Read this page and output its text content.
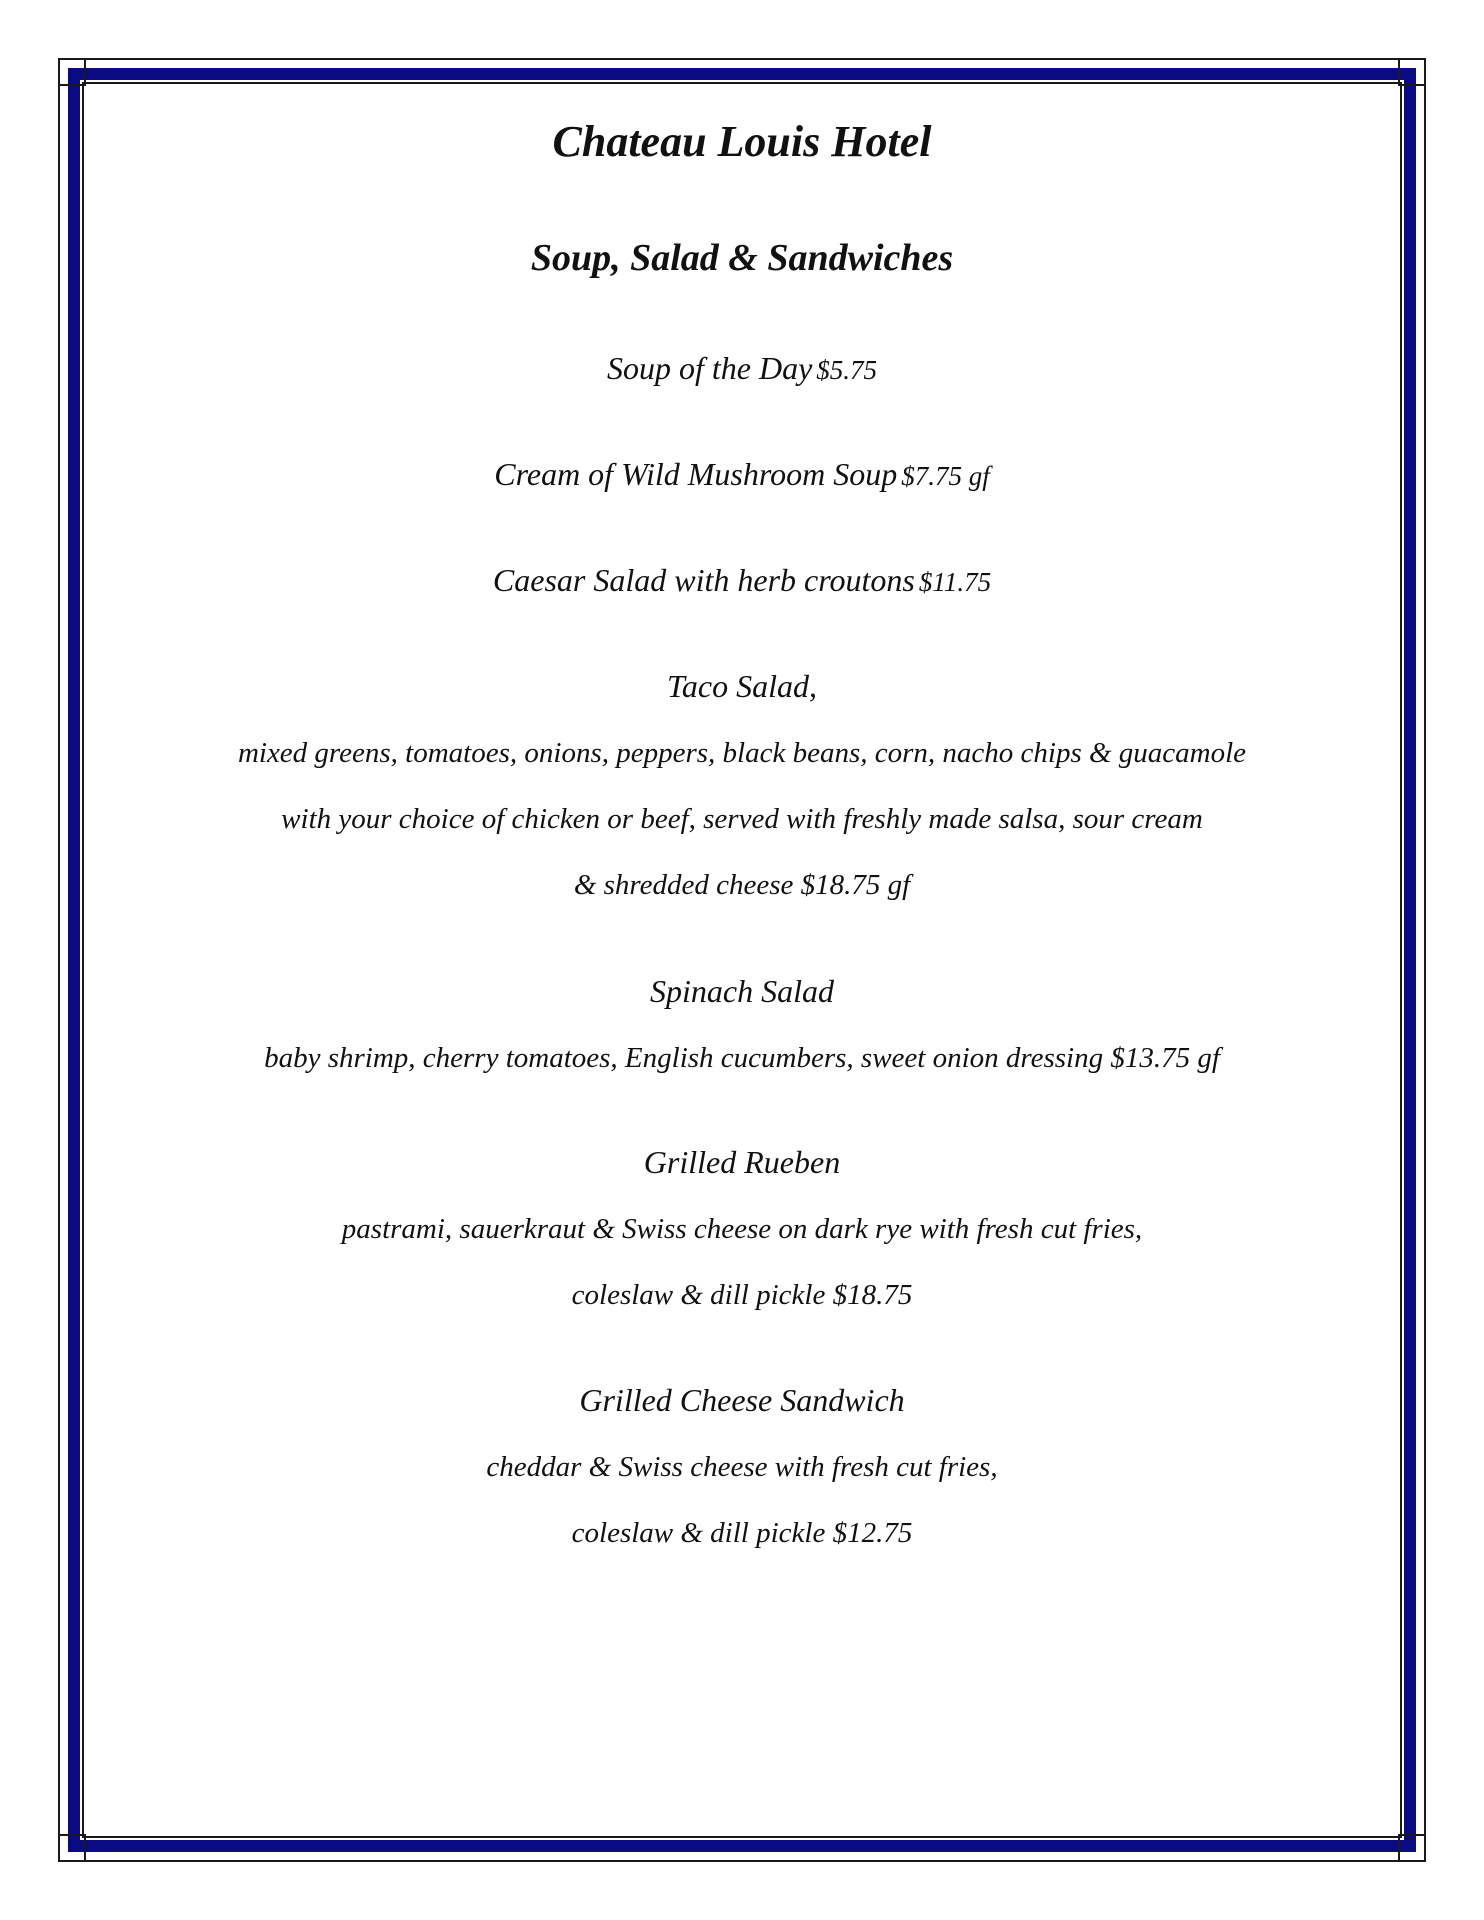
Chateau Louis Hotel
Soup, Salad & Sandwiches
Soup of the Day $5.75
Cream of Wild Mushroom Soup $7.75 gf
Caesar Salad with herb croutons $11.75
Taco Salad,
mixed greens, tomatoes, onions, peppers, black beans, corn, nacho chips & guacamole
with your choice of chicken or beef, served with freshly made salsa, sour cream
& shredded cheese $18.75 gf
Spinach Salad
baby shrimp, cherry tomatoes, English cucumbers, sweet onion dressing $13.75 gf
Grilled Rueben
pastrami, sauerkraut & Swiss cheese on dark rye with fresh cut fries,
coleslaw & dill pickle $18.75
Grilled Cheese Sandwich
cheddar & Swiss cheese with fresh cut fries,
coleslaw & dill pickle $12.75
